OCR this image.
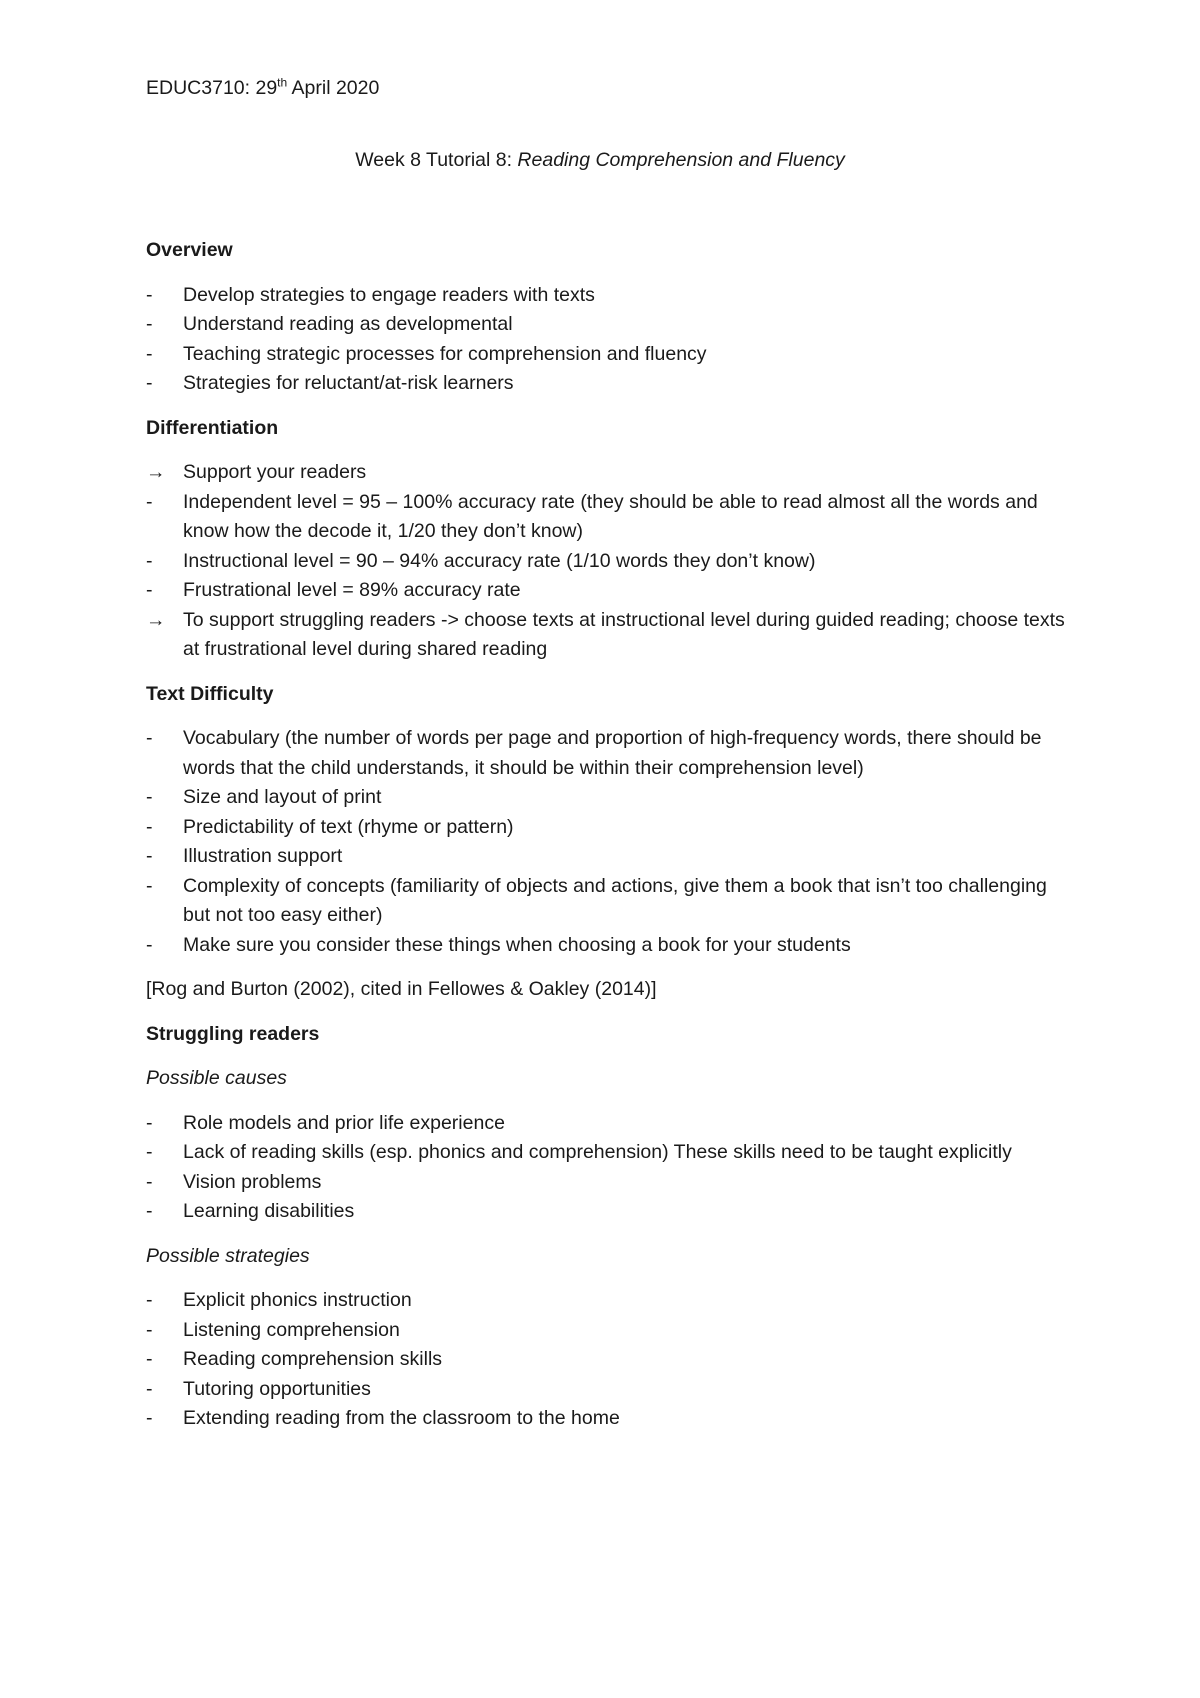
EDUC3710: 29th April 2020
Week 8 Tutorial 8: Reading Comprehension and Fluency
Overview
-	Develop strategies to engage readers with texts
-	Understand reading as developmental
-	Teaching strategic processes for comprehension and fluency
-	Strategies for reluctant/at-risk learners
Differentiation
→ Support your readers
-	Independent level = 95 – 100% accuracy rate (they should be able to read almost all the words and know how the decode it, 1/20 they don’t know)
-	Instructional level = 90 – 94% accuracy rate (1/10 words they don’t know)
-	Frustrational level = 89% accuracy rate
→ To support struggling readers -> choose texts at instructional level during guided reading; choose texts at frustrational level during shared reading
Text Difficulty
-	Vocabulary (the number of words per page and proportion of high-frequency words, there should be words that the child understands, it should be within their comprehension level)
-	Size and layout of print
-	Predictability of text (rhyme or pattern)
-	Illustration support
-	Complexity of concepts (familiarity of objects and actions, give them a book that isn’t too challenging but not too easy either)
-	Make sure you consider these things when choosing a book for your students
[Rog and Burton (2002), cited in Fellowes & Oakley (2014)]
Struggling readers
Possible causes
-	Role models and prior life experience
-	Lack of reading skills (esp. phonics and comprehension) These skills need to be taught explicitly
-	Vision problems
-	Learning disabilities
Possible strategies
-	Explicit phonics instruction
-	Listening comprehension
-	Reading comprehension skills
-	Tutoring opportunities
-	Extending reading from the classroom to the home
